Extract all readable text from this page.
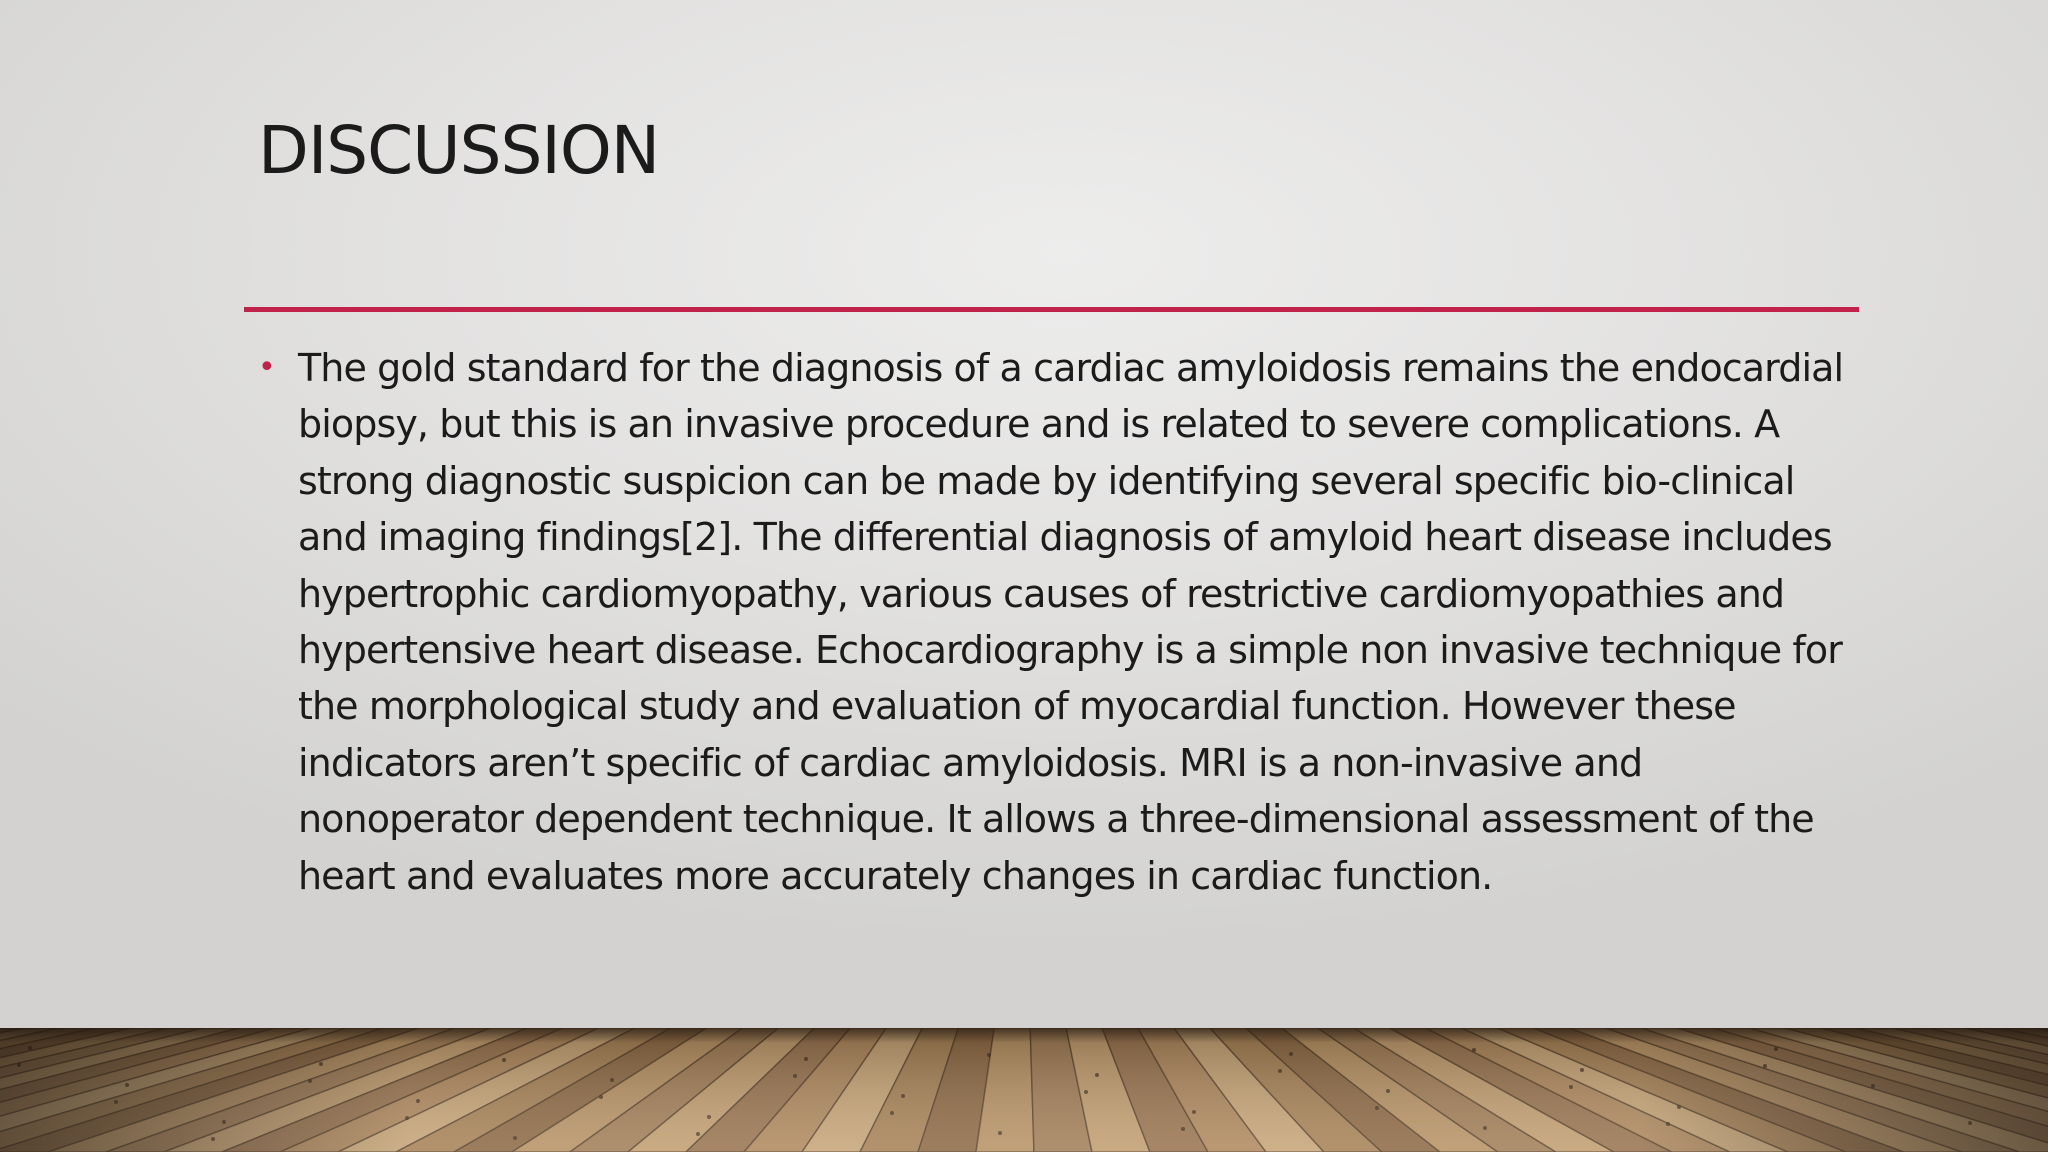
DISCUSSION
• The gold standard for the diagnosis of a cardiac amyloidosis remains the endocardial biopsy, but this is an invasive procedure and is related to severe complications. A strong diagnostic suspicion can be made by identifying several specific bio-clinical and imaging findings[2]. The differential diagnosis of amyloid heart disease includes hypertrophic cardiomyopathy, various causes of restrictive cardiomyopathies and hypertensive heart disease. Echocardiography is a simple non invasive technique for the morphological study and evaluation of myocardial function. However these indicators aren’t specific of cardiac amyloidosis. MRI is a non-invasive and nonoperator dependent technique. It allows a three-dimensional assessment of the heart and evaluates more accurately changes in cardiac function.
